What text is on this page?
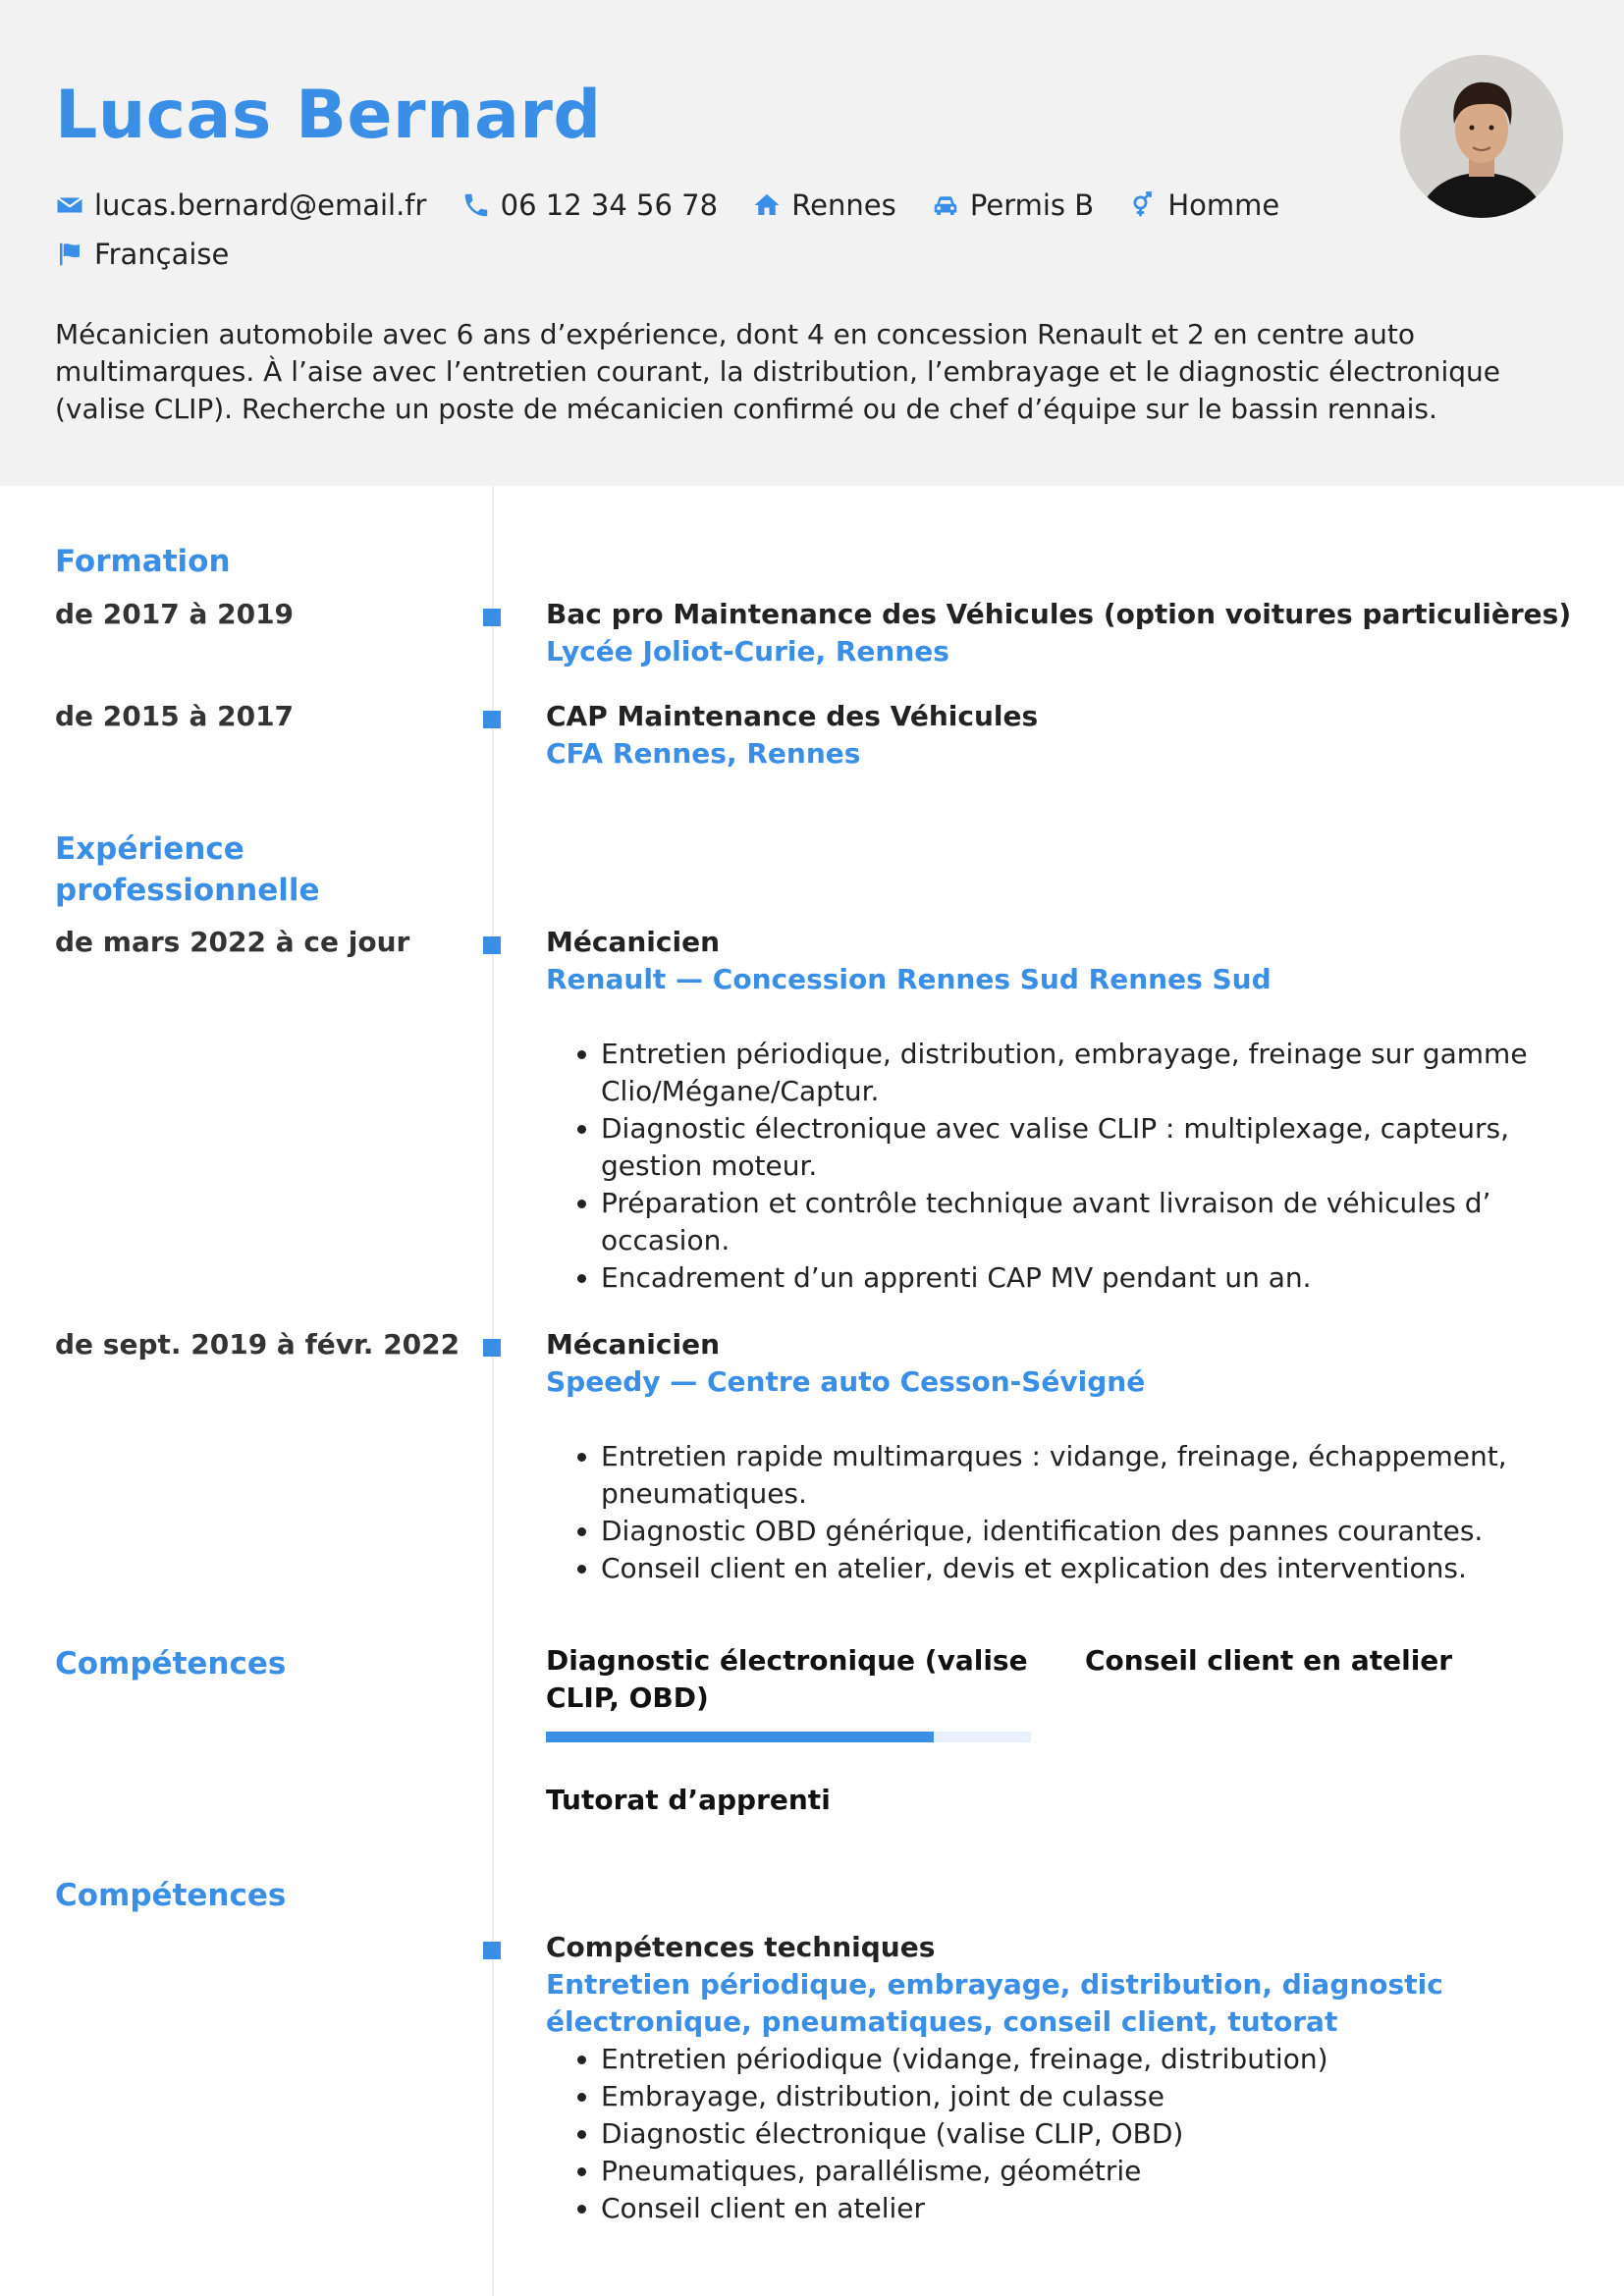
Lucas Bernard
lucas.bernard@email.fr
	06 12 34 56 78
	Rennes
	Permis B
	Homme
Française

Mécanicien automobile avec 6 ans d’expérience, dont 4 en concession Renault et 2 en centre auto multimarques. À l’aise avec l’entretien courant, la distribution, l’embrayage et le diagnostic électronique (valise CLIP). Recherche un poste de mécanicien confirmé ou de chef d’équipe sur le bassin rennais.

Formation
de 2017 à 2019	Bac pro Maintenance des Véhicules (option voitures particulières)
Lycée Joliot-Curie, Rennes
de 2015 à 2017	CAP Maintenance des Véhicules
CFA Rennes, Rennes
Expérience professionnelle
de mars 2022 à ce jour	Mécanicien
Renault — Concession Rennes Sud Rennes Sud
• Entretien périodique, distribution, embrayage, freinage sur gamme Clio/Mégane/Captur.
• Diagnostic électronique avec valise CLIP : multiplexage, capteurs, gestion moteur.
• Préparation et contrôle technique avant livraison de véhicules d’ occasion.
• Encadrement d’un apprenti CAP MV pendant un an.
de sept. 2019 à févr. 2022	Mécanicien
Speedy — Centre auto Cesson-Sévigné
• Entretien rapide multimarques : vidange, freinage, échappement, pneumatiques.
• Diagnostic OBD générique, identification des pannes courantes.
• Conseil client en atelier, devis et explication des interventions.
Compétences	Diagnostic électronique (valise CLIP, OBD)
Conseil client en atelier
Tutorat d’apprenti
Compétences
Compétences techniques
Entretien périodique, embrayage, distribution, diagnostic électronique, pneumatiques, conseil client, tutorat
• Entretien périodique (vidange, freinage, distribution)
• Embrayage, distribution, joint de culasse
• Diagnostic électronique (valise CLIP, OBD)
• Pneumatiques, parallélisme, géométrie
• Conseil client en atelier
